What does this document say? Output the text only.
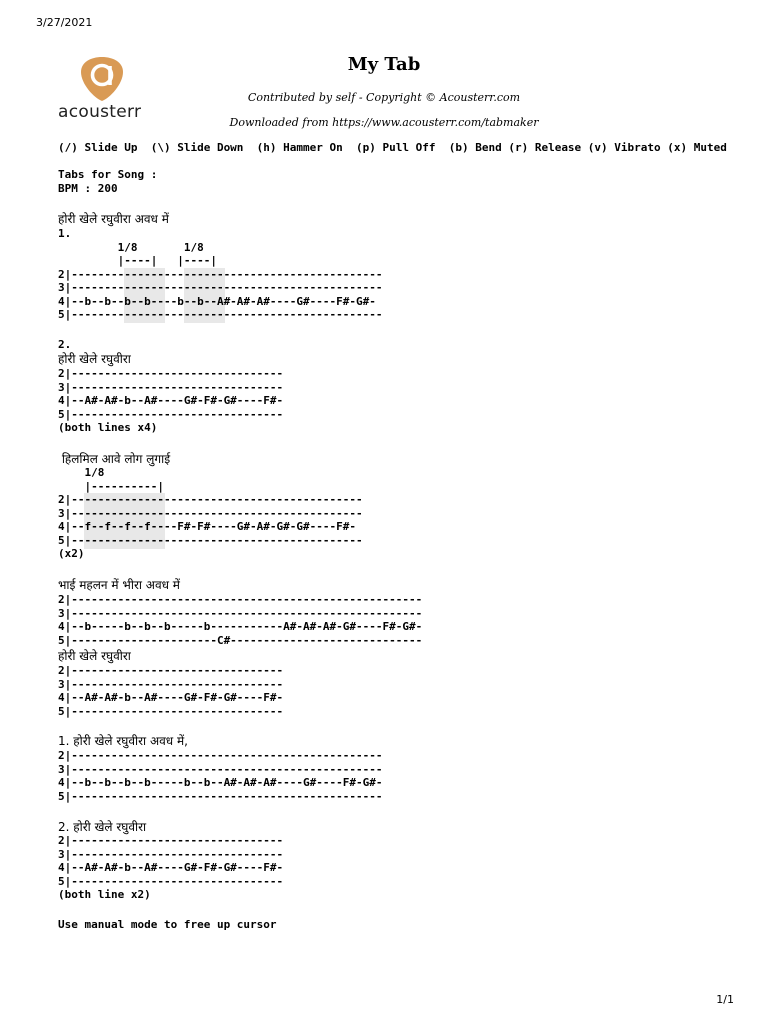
3/27/2021
acousterr
My Tab
Contributed by self - Copyright © Acousterr.com
Downloaded from https://www.acousterr.com/tabmaker
(/) Slide Up  (\) Slide Down  (h) Hammer On  (p) Pull Off  (b) Bend (r) Release (v) Vibrato (x) Muted
Tabs for Song :
BPM : 200
होरी खेले रघुवीरा अवध में
1.
1/8       1/8
|----|   |----|
2|-----------------------------------------------
3|-----------------------------------------------
4|--b--b--b--b----b--b--A#-A#-A#----G#----F#-G#-
5|-----------------------------------------------
2.
होरी खेले रघुवीरा
2|--------------------------------
3|--------------------------------
4|--A#-A#-b--A#----G#-F#-G#----F#-
5|--------------------------------
(both lines x4)
हिलमिल आवे लोग लुगाई
1/8
|----------|
2|--------------------------------------------
3|--------------------------------------------
4|--f--f--f--f----F#-F#----G#-A#-G#-G#----F#-
5|--------------------------------------------
(x2)
भाई महलन में भीरा अवध में
2|-----------------------------------------------------
3|-----------------------------------------------------
4|--b-----b--b--b-----b-----------A#-A#-A#-G#----F#-G#-
5|----------------------C#-----------------------------
होरी खेले रघुवीरा
2|--------------------------------
3|--------------------------------
4|--A#-A#-b--A#----G#-F#-G#----F#-
5|--------------------------------
1. होरी खेले रघुवीरा अवध में,
2|-----------------------------------------------
3|-----------------------------------------------
4|--b--b--b--b-----b--b--A#-A#-A#----G#----F#-G#-
5|-----------------------------------------------
2. होरी खेले रघुवीरा
2|--------------------------------
3|--------------------------------
4|--A#-A#-b--A#----G#-F#-G#----F#-
5|--------------------------------
(both line x2)
Use manual mode to free up cursor
1/1
